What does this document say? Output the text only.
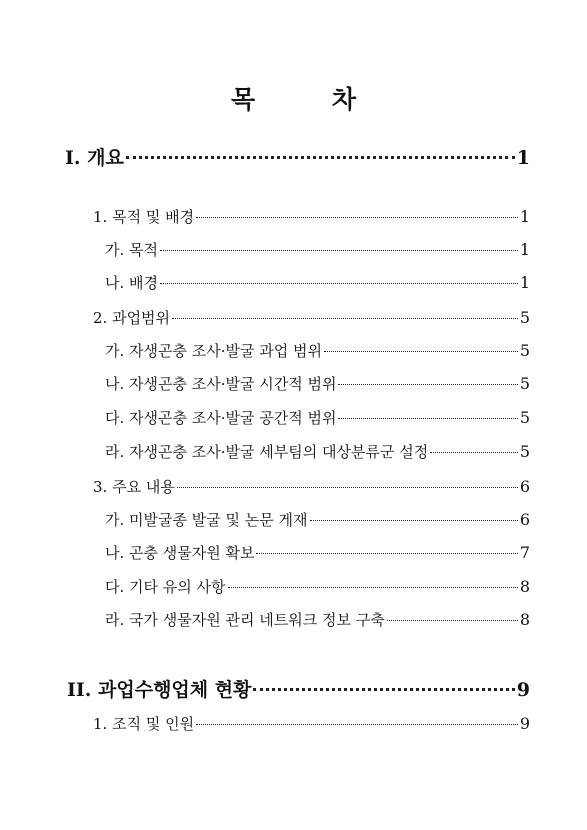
목 차
I. 개요	1
1. 목적 및 배경	1
가. 목적	1
나. 배경	1
2. 과업범위	5
가. 자생곤충 조사·발굴 과업 범위	5
나. 자생곤충 조사·발굴 시간적 범위	5
다. 자생곤충 조사·발굴 공간적 범위	5
라. 자생곤충 조사·발굴 세부팀의 대상분류군 설정	5
3. 주요 내용	6
가. 미발굴종 발굴 및 논문 게재	6
나. 곤충 생물자원 확보	7
다. 기타 유의 사항	8
라. 국가 생물자원 관리 네트워크 정보 구축	8
II. 과업수행업체 현황	9
1. 조직 및 인원	9
